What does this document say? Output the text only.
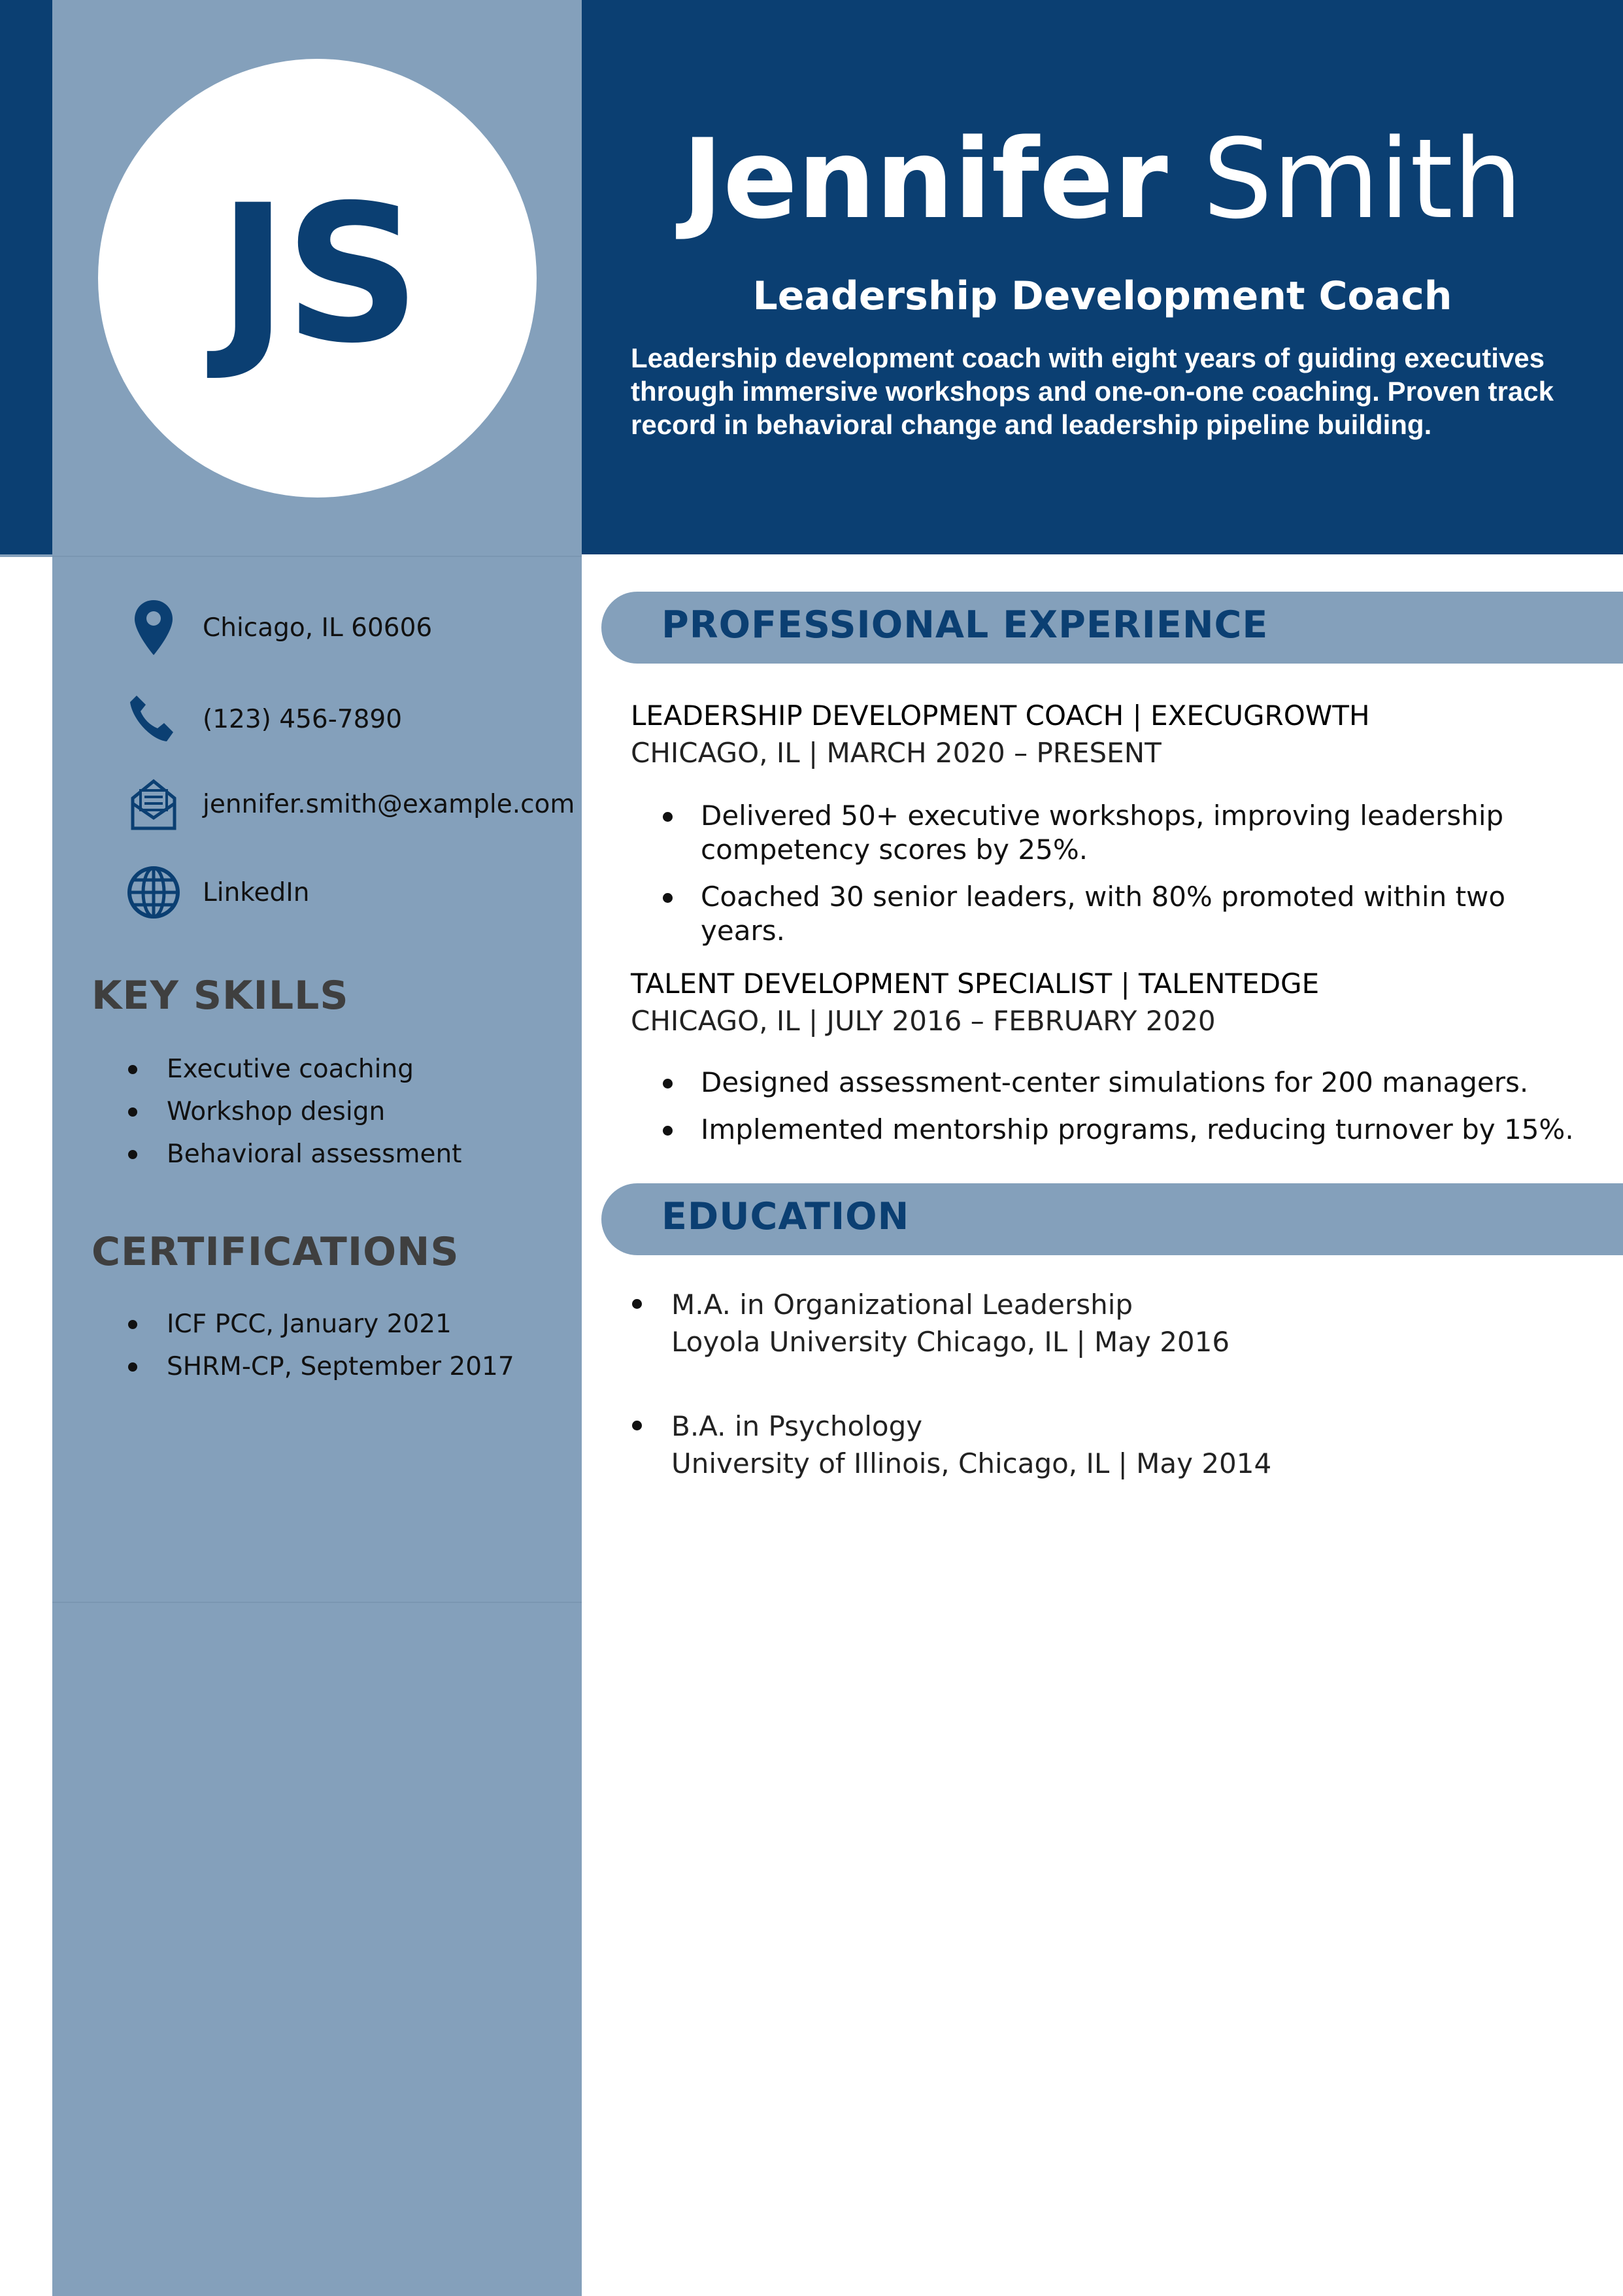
JS	Jennifer Smith
Leadership Development Coach
Leadership development coach with eight years of guiding executives through immersive workshops and one-on-one coaching. Proven track record in behavioral change and leadership pipeline building.
Chicago, IL 60606
(123) 456-7890
jennifer.smith@example.com
LinkedIn
KEY SKILLS
Executive coaching
Workshop design
Behavioral assessment
CERTIFICATIONS
ICF PCC, January 2021
SHRM-CP, September 2017
PROFESSIONAL EXPERIENCE
LEADERSHIP DEVELOPMENT COACH | EXECUGROWTH
CHICAGO, IL | MARCH 2020 – PRESENT
Delivered 50+ executive workshops, improving leadership competency scores by 25%.
Coached 30 senior leaders, with 80% promoted within two years.
TALENT DEVELOPMENT SPECIALIST | TALENTEDGE
CHICAGO, IL | JULY 2016 – FEBRUARY 2020
Designed assessment-center simulations for 200 managers.
Implemented mentorship programs, reducing turnover by 15%.
EDUCATION
M.A. in Organizational Leadership
Loyola University Chicago, IL | May 2016
B.A. in Psychology
University of Illinois, Chicago, IL | May 2014
